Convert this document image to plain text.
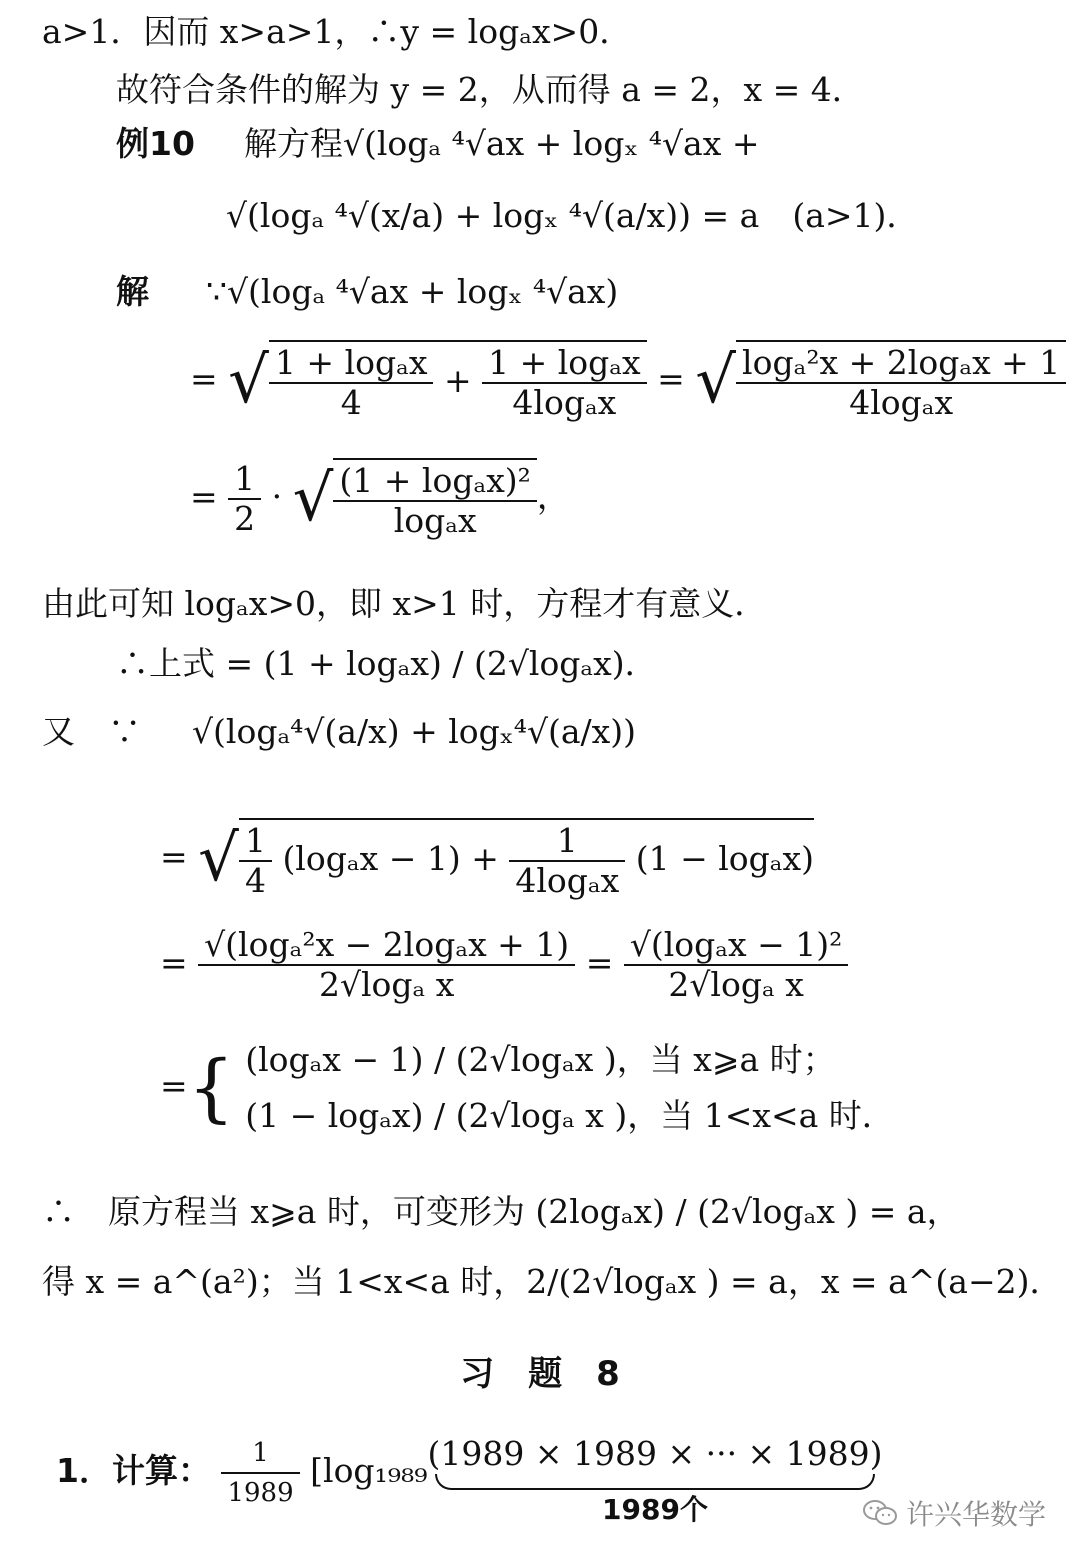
a>1．因而 x>a>1，∴y = logₐx>0．
故符合条件的解为 y = 2，从而得 a = 2，x = 4．
例10 解方程√(logₐ ⁴√ax + logₓ ⁴√ax +
√(logₐ ⁴√(x/a) + logₓ ⁴√(a/x)) = a　(a>1)．
解 ∵√(logₐ ⁴√ax + logₓ ⁴√ax)
= √ $\frac{\text{1 + logₐx}}{4} + \frac{\text{1 + logₐx}}{\text{4logₐx}}$ = √ $\frac{\text{logₐ²x + 2logₐx + 1}}{\text{4logₐx}}$
= $\frac{1}{2}$ · √ $\frac{\text{(1 + logₐx)²}}{\text{logₐx}}$ ，
由此可知 logₐx>0，即 x>1 时，方程才有意义．
∴上式 = (1 + logₐx) / (2√logₐx)．
又　∵ √(logₐ⁴√(a/x) + logₓ⁴√(a/x))
= √ $\frac{1}{4} (\log_ax - 1) + \frac{1}{\text{4logₐx}} (1 - \log_ax)$
= $\frac{\text{√(logₐ²x − 2logₐx + 1)}}{\text{2√logₐ x}} = \frac{\text{√(logₐx − 1)²}}{\text{2√logₐ x}}$
={ (logₐx − 1) / (2√logₐx )，当 x⩾a 时；
(1 − logₐx) / (2√logₐ x )，当 1<x<a 时．
∴　原方程当 x⩾a 时，可变形为 (2logₐx) / (2√logₐx ) = a，
得 x = a^(a²)；当 1<x<a 时，2/(2√logₐx ) = a，x = a^(a−2)．
习　题　8
1．计算： $\frac{1}{1989} [\log_{1989}$ (1989 × 1989 × ··· × 1989)
1989个	许兴华数学
